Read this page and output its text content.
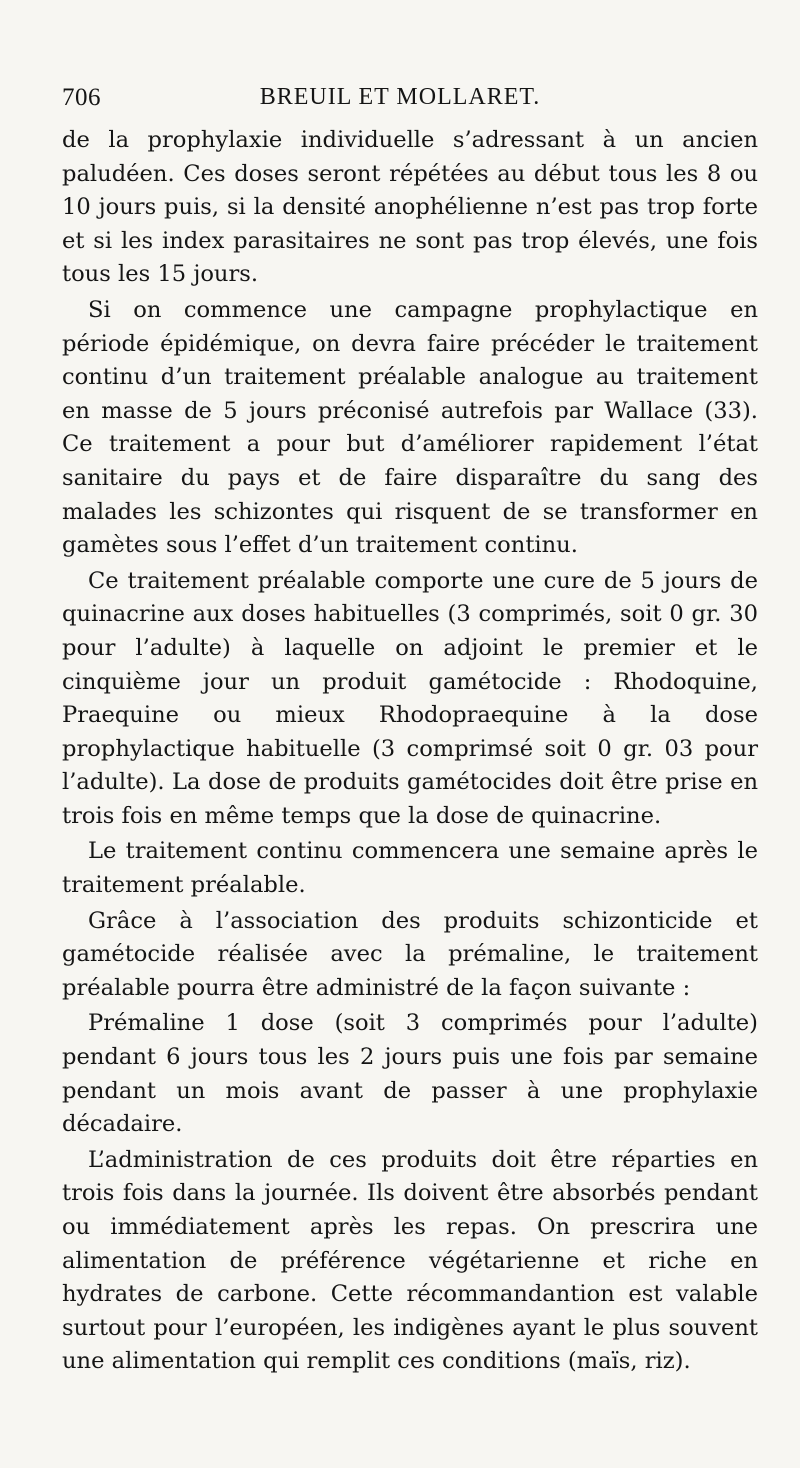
706	BREUIL ET MOLLARET.

de la prophylaxie individuelle s’adressant à un ancien paludéen. Ces doses seront répétées au début tous les 8 ou 10 jours puis, si la densité anophélienne n’est pas trop forte et si les index parasitaires ne sont pas trop élevés, une fois tous les 15 jours.

Si on commence une campagne prophylactique en période épidémique, on devra faire précéder le traitement continu d’un traitement préalable analogue au traitement en masse de 5 jours préconisé autrefois par Wallace (33). Ce traitement a pour but d’améliorer rapidement l’état sanitaire du pays et de faire disparaître du sang des malades les schizontes qui risquent de se transformer en gamètes sous l’effet d’un traitement continu.

Ce traitement préalable comporte une cure de 5 jours de quinacrine aux doses habituelles (3 comprimés, soit 0 gr. 30 pour l’adulte) à laquelle on adjoint le premier et le cinquième jour un produit gamétocide : Rhodoquine, Praequine ou mieux Rhodopraequine à la dose prophylactique habituelle (3 comprimsé soit 0 gr. 03 pour l’adulte). La dose de produits gamétocides doit être prise en trois fois en même temps que la dose de quinacrine.

Le traitement continu commencera une semaine après le traitement préalable.

Grâce à l’association des produits schizonticide et gamétocide réalisée avec la prémaline, le traitement préalable pourra être administré de la façon suivante :

Prémaline 1 dose (soit 3 comprimés pour l’adulte) pendant 6 jours tous les 2 jours puis une fois par semaine pendant un mois avant de passer à une prophylaxie décadaire.

L’administration de ces produits doit être réparties en trois fois dans la journée. Ils doivent être absorbés pendant ou immédiatement après les repas. On prescrira une alimentation de préférence végétarienne et riche en hydrates de carbone. Cette récommandantion est valable surtout pour l’européen, les indigènes ayant le plus souvent une alimentation qui remplit ces conditions (maïs, riz).
